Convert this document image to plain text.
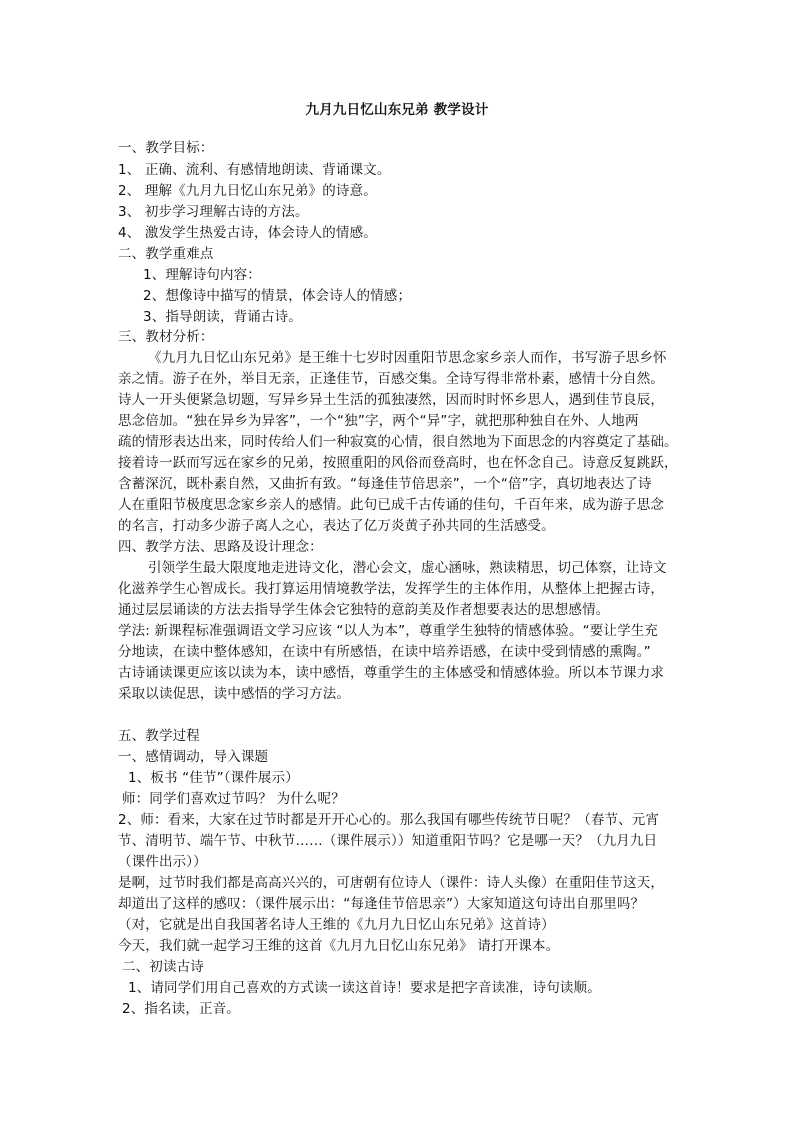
九月九日忆山东兄弟 教学设计
一、教学目标：
1、 正确、流利、有感情地朗读、背诵课文。
2、 理解《九月九日忆山东兄弟》的诗意。
3、 初步学习理解古诗的方法。
4、 激发学生热爱古诗，体会诗人的情感。
二、教学重难点
1、理解诗句内容：
2、想像诗中描写的情景，体会诗人的情感；
3、指导朗读，背诵古诗。
三、教材分析：
《九月九日忆山东兄弟》是王维十七岁时因重阳节思念家乡亲人而作，书写游子思乡怀
亲之情。游子在外，举目无亲，正逢佳节，百感交集。全诗写得非常朴素，感情十分自然。
诗人一开头便紧急切题，写异乡异土生活的孤独凄然，因而时时怀乡思人，遇到佳节良辰，
思念倍加。“独在异乡为异客”，一个“独”字，两个“异”字，就把那种独自在外、人地两
疏的情形表达出来，同时传给人们一种寂寞的心情，很自然地为下面思念的内容奠定了基础。
接着诗一跃而写远在家乡的兄弟，按照重阳的风俗而登高时，也在怀念自己。诗意反复跳跃，
含蓄深沉，既朴素自然，又曲折有致。“每逢佳节倍思亲”，一个“倍”字，真切地表达了诗
人在重阳节极度思念家乡亲人的感情。此句已成千古传诵的佳句，千百年来，成为游子思念
的名言，打动多少游子离人之心，表达了亿万炎黄子孙共同的生活感受。
四、教学方法、思路及设计理念：
引领学生最大限度地走进诗文化，潜心会文，虚心涵咏，熟读精思，切己体察，让诗文
化滋养学生心智成长。我打算运用情境教学法，发挥学生的主体作用，从整体上把握古诗，
通过层层诵读的方法去指导学生体会它独特的意韵美及作者想要表达的思想感情。
学法: 新课程标准强调语文学习应该 “以人为本”，尊重学生独特的情感体验。“要让学生充
分地读，在读中整体感知，在读中有所感悟，在读中培养语感，在读中受到情感的熏陶。”
古诗诵读课更应该以读为本，读中感悟，尊重学生的主体感受和情感体验。所以本节课力求
采取以读促思，读中感悟的学习方法。
五、教学过程
一、感情调动，导入课题
1、板书 “佳节”（课件展示）
师：同学们喜欢过节吗？ 为什么呢？
2、师：看来，大家在过节时都是开开心心的。那么我国有哪些传统节日呢？（春节、元宵
节、清明节、端午节、中秋节……（课件展示））知道重阳节吗？它是哪一天？（九月九日
（课件出示））
是啊，过节时我们都是高高兴兴的，可唐朝有位诗人（课件：诗人头像）在重阳佳节这天，
却道出了这样的感叹：（课件展示出：“每逢佳节倍思亲”）大家知道这句诗出自那里吗？
（对，它就是出自我国著名诗人王维的《九月九日忆山东兄弟》这首诗）
今天，我们就一起学习王维的这首《九月九日忆山东兄弟》 请打开课本。
二、初读古诗
1、请同学们用自己喜欢的方式读一读这首诗！要求是把字音读准，诗句读顺。
2、指名读，正音。
